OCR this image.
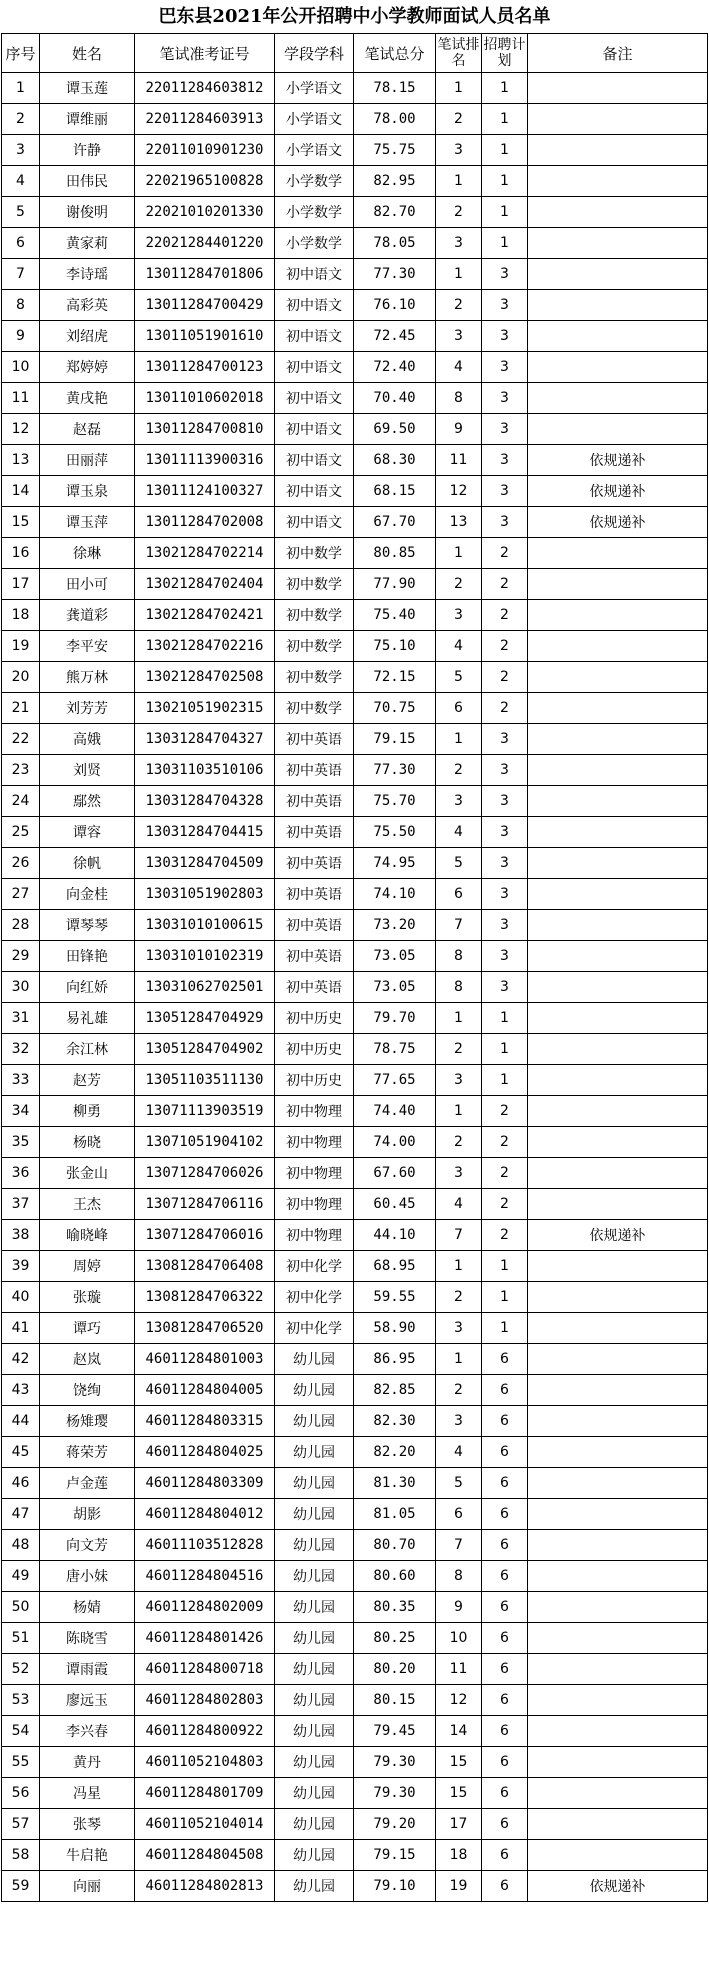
巴东县2021年公开招聘中小学教师面试人员名单
序号	姓名	笔试准考证号	学段学科	笔试总分	笔试排名	招聘计划	备注
1	谭玉莲	22011284603812	小学语文	78.15	1	1	
2	谭维丽	22011284603913	小学语文	78.00	2	1	
3	许静	22011010901230	小学语文	75.75	3	1	
4	田伟民	22021965100828	小学数学	82.95	1	1	
5	谢俊明	22021010201330	小学数学	82.70	2	1	
6	黄家莉	22021284401220	小学数学	78.05	3	1	
7	李诗瑶	13011284701806	初中语文	77.30	1	3	
8	高彩英	13011284700429	初中语文	76.10	2	3	
9	刘绍虎	13011051901610	初中语文	72.45	3	3	
10	郑婷婷	13011284700123	初中语文	72.40	4	3	
11	黄戌艳	13011010602018	初中语文	70.40	8	3	
12	赵磊	13011284700810	初中语文	69.50	9	3	
13	田丽萍	13011113900316	初中语文	68.30	11	3	依规递补
14	谭玉泉	13011124100327	初中语文	68.15	12	3	依规递补
15	谭玉萍	13011284702008	初中语文	67.70	13	3	依规递补
16	徐琳	13021284702214	初中数学	80.85	1	2	
17	田小可	13021284702404	初中数学	77.90	2	2	
18	龚道彩	13021284702421	初中数学	75.40	3	2	
19	李平安	13021284702216	初中数学	75.10	4	2	
20	熊万林	13021284702508	初中数学	72.15	5	2	
21	刘芳芳	13021051902315	初中数学	70.75	6	2	
22	高娥	13031284704327	初中英语	79.15	1	3	
23	刘贤	13031103510106	初中英语	77.30	2	3	
24	鄢然	13031284704328	初中英语	75.70	3	3	
25	谭容	13031284704415	初中英语	75.50	4	3	
26	徐帆	13031284704509	初中英语	74.95	5	3	
27	向金桂	13031051902803	初中英语	74.10	6	3	
28	谭琴琴	13031010100615	初中英语	73.20	7	3	
29	田锋艳	13031010102319	初中英语	73.05	8	3	
30	向红娇	13031062702501	初中英语	73.05	8	3	
31	易礼雄	13051284704929	初中历史	79.70	1	1	
32	余江林	13051284704902	初中历史	78.75	2	1	
33	赵芳	13051103511130	初中历史	77.65	3	1	
34	柳勇	13071113903519	初中物理	74.40	1	2	
35	杨晓	13071051904102	初中物理	74.00	2	2	
36	张金山	13071284706026	初中物理	67.60	3	2	
37	王杰	13071284706116	初中物理	60.45	4	2	
38	喻晓峰	13071284706016	初中物理	44.10	7	2	依规递补
39	周婷	13081284706408	初中化学	68.95	1	1	
40	张璇	13081284706322	初中化学	59.55	2	1	
41	谭巧	13081284706520	初中化学	58.90	3	1	
42	赵岚	46011284801003	幼儿园	86.95	1	6	
43	饶绚	46011284804005	幼儿园	82.85	2	6	
44	杨雉璎	46011284803315	幼儿园	82.30	3	6	
45	蒋荣芳	46011284804025	幼儿园	82.20	4	6	
46	卢金莲	46011284803309	幼儿园	81.30	5	6	
47	胡影	46011284804012	幼儿园	81.05	6	6	
48	向文芳	46011103512828	幼儿园	80.70	7	6	
49	唐小妹	46011284804516	幼儿园	80.60	8	6	
50	杨婧	46011284802009	幼儿园	80.35	9	6	
51	陈晓雪	46011284801426	幼儿园	80.25	10	6	
52	谭雨霞	46011284800718	幼儿园	80.20	11	6	
53	廖远玉	46011284802803	幼儿园	80.15	12	6	
54	李兴春	46011284800922	幼儿园	79.45	14	6	
55	黄丹	46011052104803	幼儿园	79.30	15	6	
56	冯星	46011284801709	幼儿园	79.30	15	6	
57	张琴	46011052104014	幼儿园	79.20	17	6	
58	牛启艳	46011284804508	幼儿园	79.15	18	6	
59	向丽	46011284802813	幼儿园	79.10	19	6	依规递补
